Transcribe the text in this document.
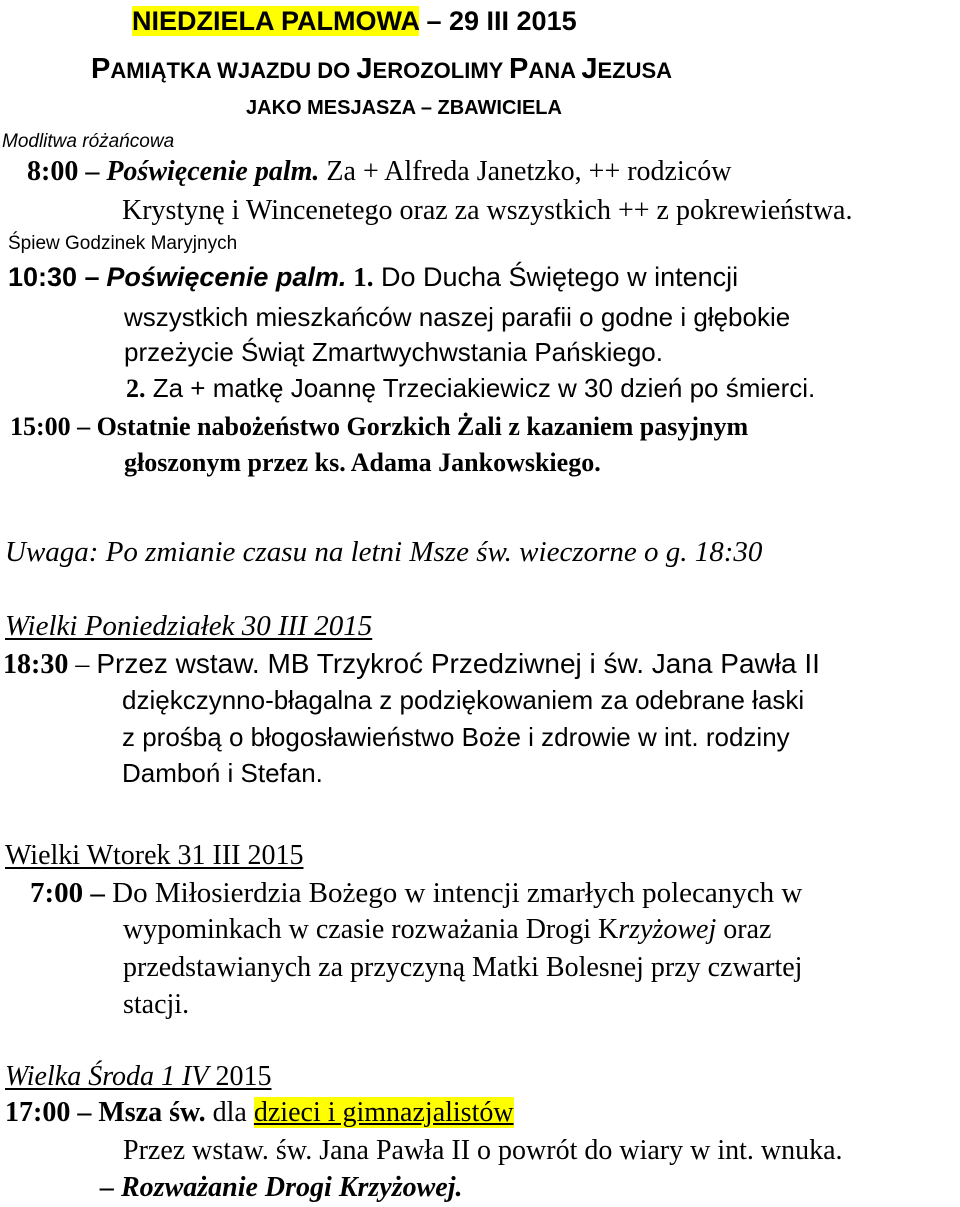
NIEDZIELA PALMOWA – 29 III 2015
PAMIĄTKA WJAZDU DO JEROZOLIMY PANA JEZUSA
JAKO MESJASZA – ZBAWICIELA
Modlitwa różańcowa
8:00 – Poświęcenie palm. Za + Alfreda Janetzko, ++ rodziców
Krystynę i Wincenetego oraz za wszystkich ++ z pokrewieństwa.
Śpiew Godzinek Maryjnych
10:30 – Poświęcenie palm. 1. Do Ducha Świętego w intencji
wszystkich mieszkańców naszej parafii o godne i głębokie
przeżycie Świąt Zmartwychwstania Pańskiego.
2. Za + matkę Joannę Trzeciakiewicz w 30 dzień po śmierci.
15:00 – Ostatnie nabożeństwo Gorzkich Żali z kazaniem pasyjnym
głoszonym przez ks. Adama Jankowskiego.
Uwaga: Po zmianie czasu na letni Msze św. wieczorne o g. 18:30
Wielki Poniedziałek 30 III 2015
18:30 – Przez wstaw. MB Trzykroć Przedziwnej i św. Jana Pawła II
dziękczynno-błagalna z podziękowaniem za odebrane łaski
z prośbą o błogosławieństwo Boże i zdrowie w int. rodziny
Damboń i Stefan.
Wielki Wtorek 31 III 2015
7:00 – Do Miłosierdzia Bożego w intencji zmarłych polecanych w
wypominkach w czasie rozważania Drogi Krzyżowej oraz
przedstawianych za przyczyną Matki Bolesnej przy czwartej
stacji.
Wielka Środa 1 IV 2015
17:00 – Msza św. dla dzieci i gimnazjalistów
Przez wstaw. św. Jana Pawła II o powrót do wiary w int. wnuka.
– Rozważanie Drogi Krzyżowej.
